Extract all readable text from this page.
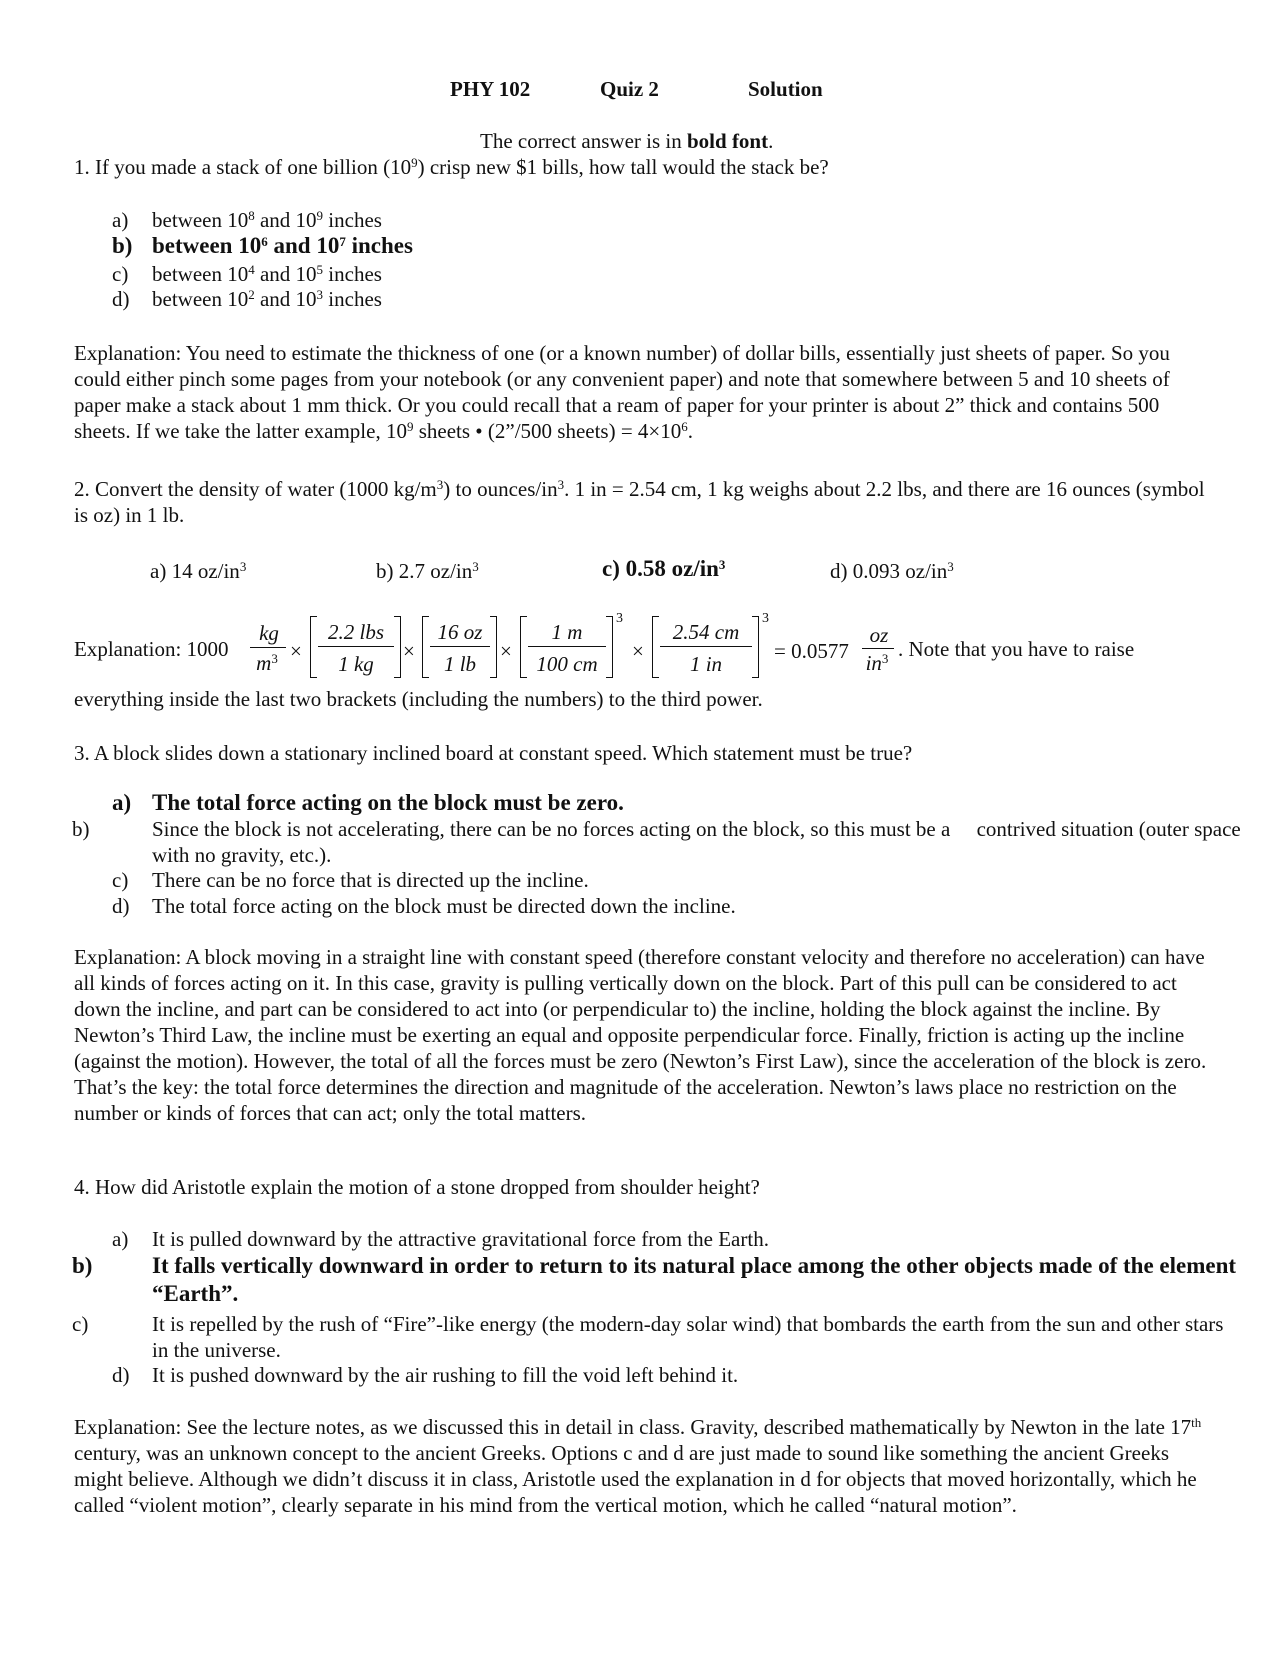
PHY 102	Quiz 2	Solution
The correct answer is in bold font.
1. If you made a stack of one billion $(10^9)$ crisp new $1 bills, how tall would the stack be?
a) between $10^8$ and $10^9$ inches
b) between $10^6$ and $10^7$ inches
c) between $10^4$ and $10^5$ inches
d) between $10^2$ and $10^3$ inches
Explanation: You need to estimate the thickness of one (or a known number) of dollar bills, essentially just sheets of paper. So you could either pinch some pages from your notebook (or any convenient paper) and note that somewhere between 5 and 10 sheets of paper make a stack about 1 mm thick. Or you could recall that a ream of paper for your printer is about 2” thick and contains 500 sheets. If we take the latter example, $10^9$ sheets • (2”/500 sheets) = $4\times 10^6$.
2. Convert the density of water (1000 $kg/m^3$) to ounces/$in^3$. 1 in = 2.54 cm, 1 kg weighs about 2.2 lbs, and there are 16 ounces (symbol is oz) in 1 lb.
a) 14 $oz/in^3$	b) 2.7 $oz/in^3$	c) 0.58 $oz/in^3$	d) 0.093 $oz/in^3$
Explanation: 1000
kg
$m^3$ ×
2.2 lbs
1 kg
×
16 oz
1 lb
×
1 m
100 cm
3
×
2.54 cm
1 in
3
= 0.0577
oz
$in^3$ . Note that you have to raise
everything inside the last two brackets (including the numbers) to the third power.
3. A block slides down a stationary inclined board at constant speed. Which statement must be true?
a) The total force acting on the block must be zero.
b)	Since the block is not accelerating, there can be no forces acting on the block, so this must be a     contrived situation (outer space with no gravity, etc.).
c) There can be no force that is directed up the incline.
d) The total force acting on the block must be directed down the incline.
Explanation: A block moving in a straight line with constant speed (therefore constant velocity and therefore no acceleration) can have all kinds of forces acting on it. In this case, gravity is pulling vertically down on the block. Part of this pull can be considered to act down the incline, and part can be considered to act into (or perpendicular to) the incline, holding the block against the incline. By Newton’s Third Law, the incline must be exerting an equal and opposite perpendicular force. Finally, friction is acting up the incline (against the motion). However, the total of all the forces must be zero (Newton’s First Law), since the acceleration of the block is zero. That’s the key: the total force determines the direction and magnitude of the acceleration. Newton’s laws place no restriction on the number or kinds of forces that can act; only the total matters.
4. How did Aristotle explain the motion of a stone dropped from shoulder height?
a) It is pulled downward by the attractive gravitational force from the Earth.
b)	It falls vertically downward in order to return to its natural place among the other objects made of the element “Earth”.
c)	It is repelled by the rush of “Fire”-like energy (the modern-day solar wind) that bombards the earth from the sun and other stars in the universe.
d) It is pushed downward by the air rushing to fill the void left behind it.
Explanation: See the lecture notes, as we discussed this in detail in class. Gravity, described mathematically by Newton in the late 17th century, was an unknown concept to the ancient Greeks. Options c and d are just made to sound like something the ancient Greeks might believe. Although we didn’t discuss it in class, Aristotle used the explanation in d for objects that moved horizontally, which he called “violent motion”, clearly separate in his mind from the vertical motion, which he called “natural motion”.
